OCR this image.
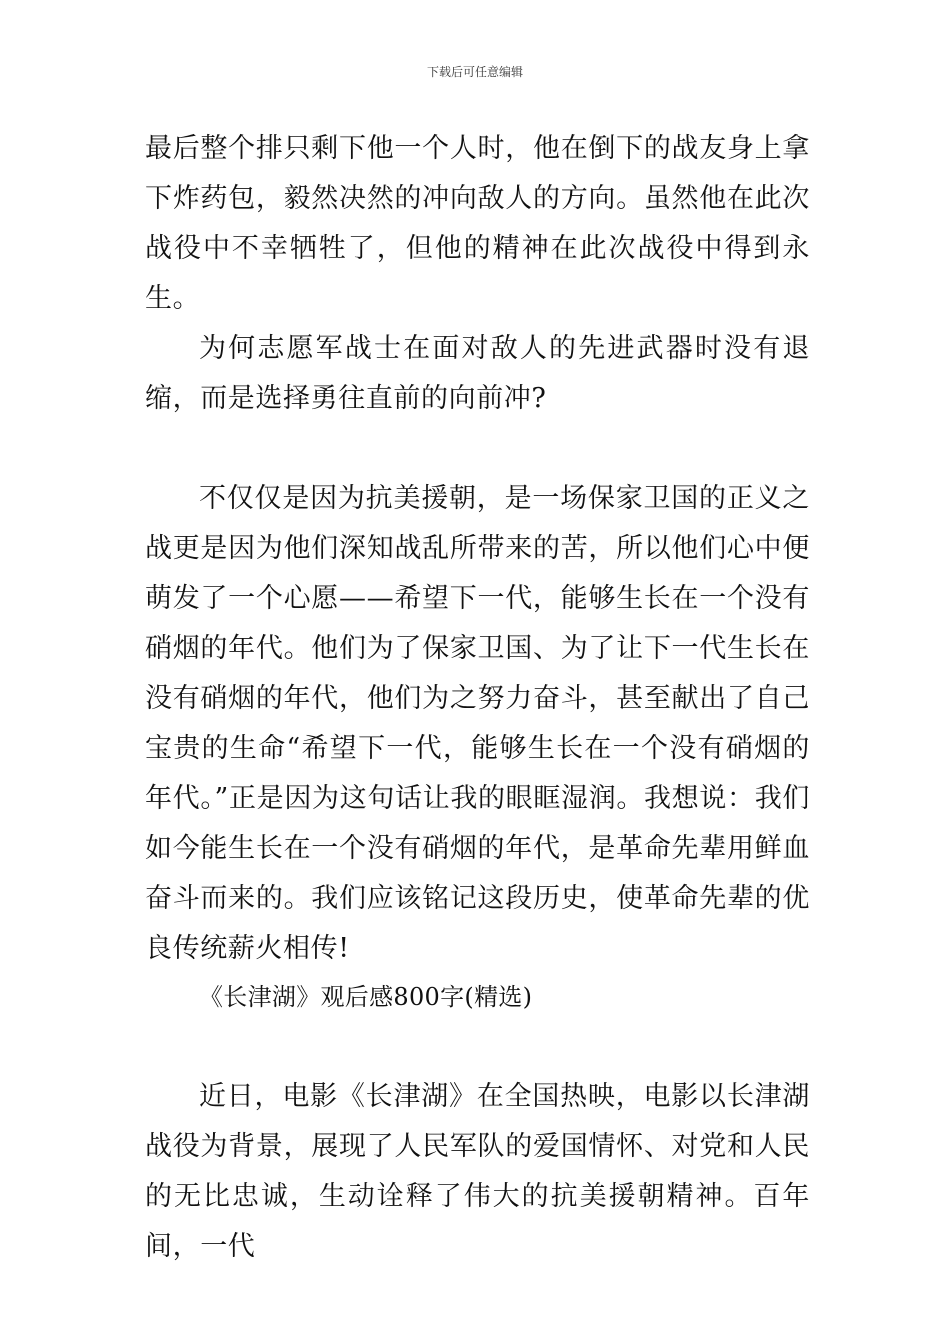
下载后可任意编辑

最后整个排只剩下他一个人时，他在倒下的战友身上拿下炸药包，毅然决然的冲向敌人的方向。虽然他在此次战役中不幸牺牲了，但他的精神在此次战役中得到永生。

为何志愿军战士在面对敌人的先进武器时没有退缩，而是选择勇往直前的向前冲?

不仅仅是因为抗美援朝，是一场保家卫国的正义之战更是因为他们深知战乱所带来的苦，所以他们心中便萌发了一个心愿——希望下一代，能够生长在一个没有硝烟的年代。他们为了保家卫国、为了让下一代生长在没有硝烟的年代，他们为之努力奋斗，甚至献出了自己宝贵的生命“希望下一代，能够生长在一个没有硝烟的年代。”正是因为这句话让我的眼眶湿润。我想说：我们如今能生长在一个没有硝烟的年代，是革命先辈用鲜血奋斗而来的。我们应该铭记这段历史，使革命先辈的优良传统薪火相传!

《长津湖》观后感800字(精选)

近日，电影《长津湖》在全国热映，电影以长津湖战役为背景，展现了人民军队的爱国情怀、对党和人民的无比忠诚，生动诠释了伟大的抗美援朝精神。百年间，一代
